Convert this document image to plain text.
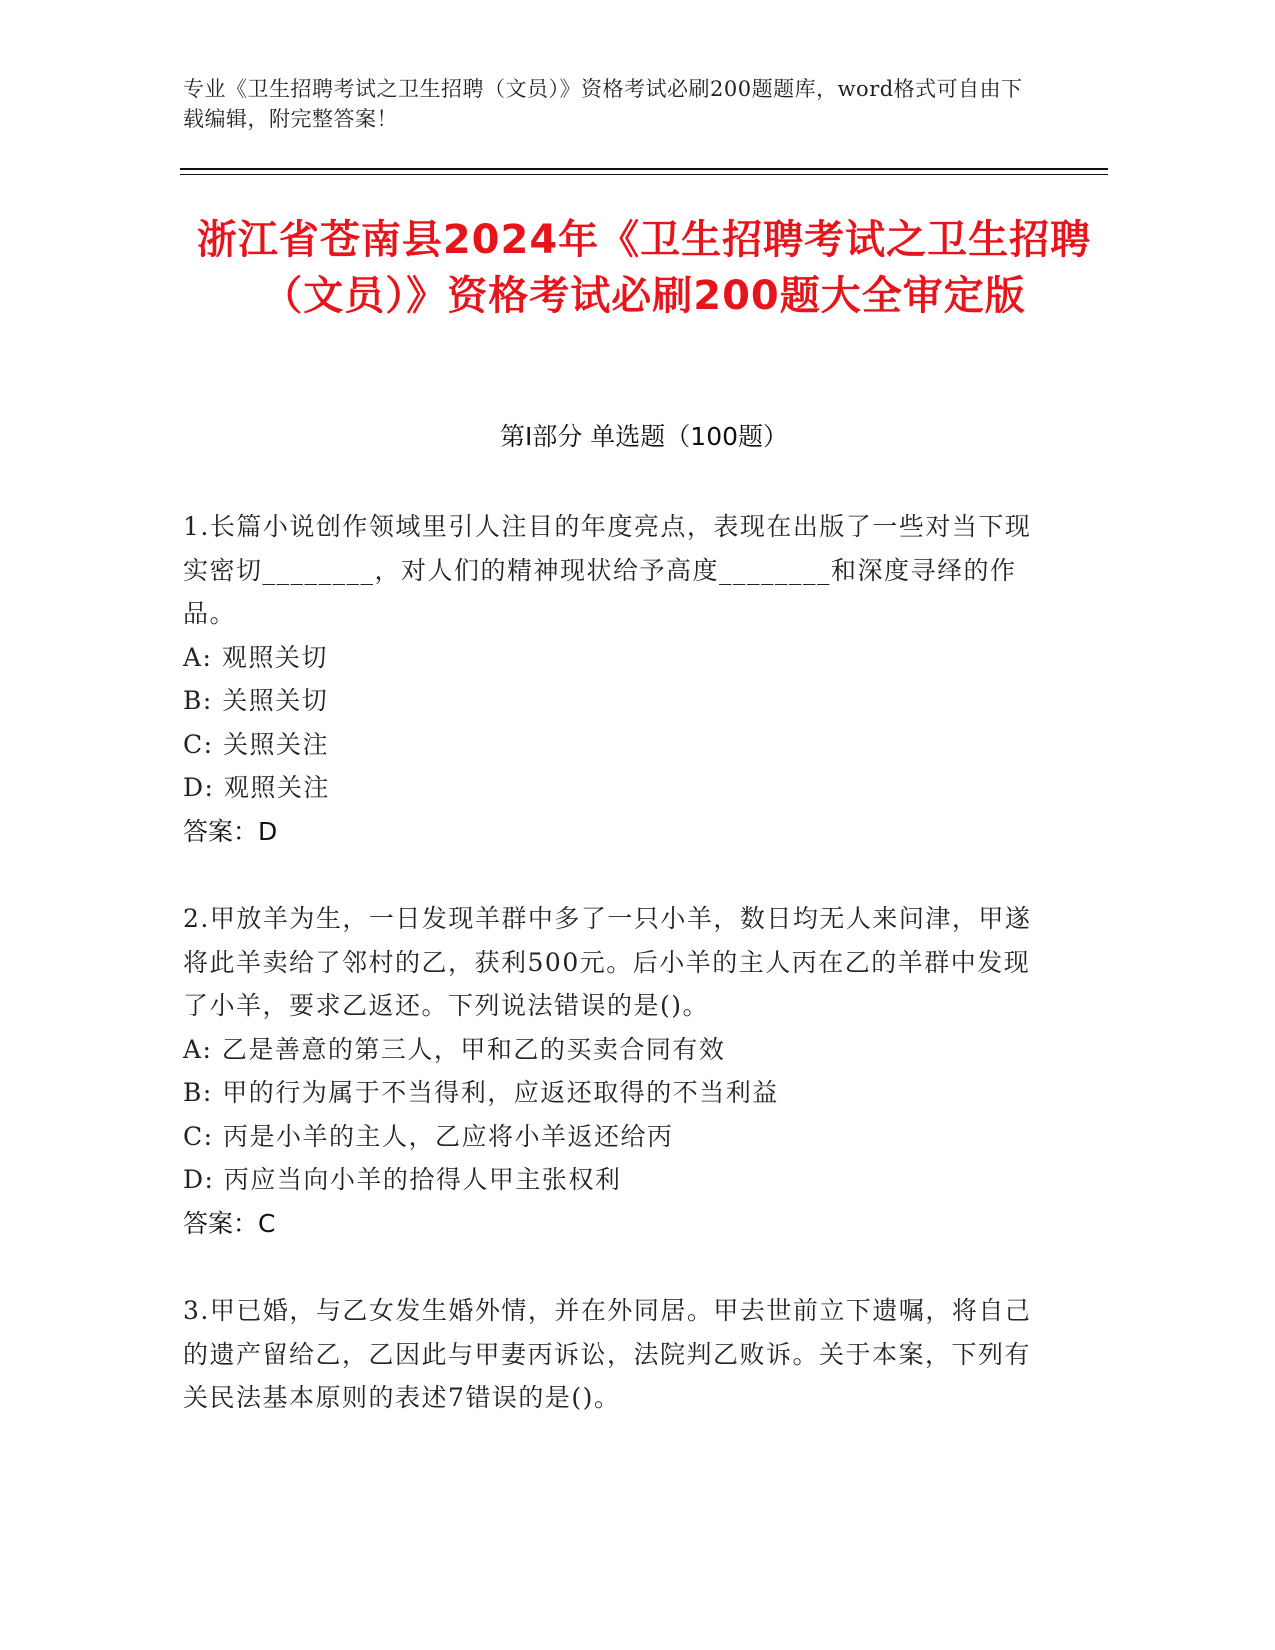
专业《卫生招聘考试之卫生招聘（文员）》资格考试必刷200题题库，word格式可自由下载编辑，附完整答案！
浙江省苍南县2024年《卫生招聘考试之卫生招聘（文员）》资格考试必刷200题大全审定版
第Ⅰ部分 单选题（100题）
1.长篇小说创作领域里引人注目的年度亮点，表现在出版了一些对当下现实密切________，对人们的精神现状给予高度________和深度寻绎的作品。
A: 观照关切
B: 关照关切
C: 关照关注
D: 观照关注
答案：D
2.甲放羊为生，一日发现羊群中多了一只小羊，数日均无人来问津，甲遂将此羊卖给了邻村的乙，获利500元。后小羊的主人丙在乙的羊群中发现了小羊，要求乙返还。下列说法错误的是()。
A: 乙是善意的第三人，甲和乙的买卖合同有效
B: 甲的行为属于不当得利，应返还取得的不当利益
C: 丙是小羊的主人，乙应将小羊返还给丙
D: 丙应当向小羊的拾得人甲主张权利
答案：C
3.甲已婚，与乙女发生婚外情，并在外同居。甲去世前立下遗嘱，将自己的遗产留给乙，乙因此与甲妻丙诉讼，法院判乙败诉。关于本案，下列有关民法基本原则的表述7错误的是()。
